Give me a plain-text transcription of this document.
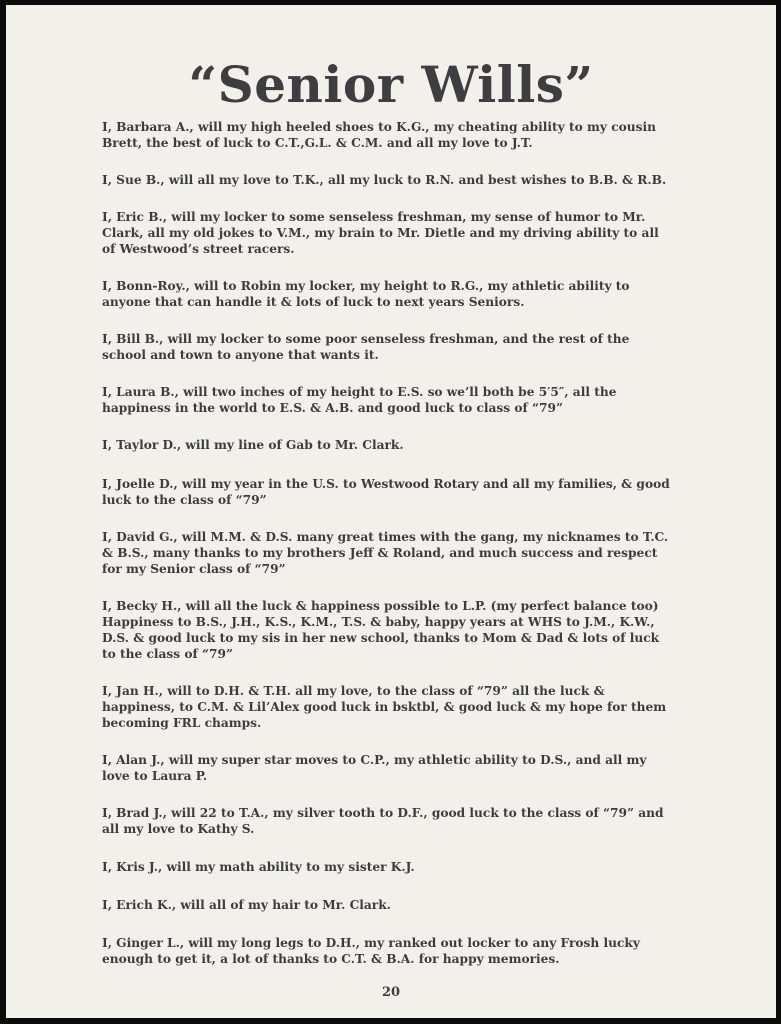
“Senior Wills”
I, Barbara A., will my high heeled shoes to K.G., my cheating ability to my cousin Brett, the best of luck to C.T.,G.L. & C.M. and all my love to J.T.
I, Sue B., will all my love to T.K., all my luck to R.N. and best wishes to B.B. & R.B.
I, Eric B., will my locker to some senseless freshman, my sense of humor to Mr. Clark, all my old jokes to V.M., my brain to Mr. Dietle and my driving ability to all of Westwood’s street racers.
I, Bonn-Roy., will to Robin my locker, my height to R.G., my athletic ability to anyone that can handle it & lots of luck to next years Seniors.
I, Bill B., will my locker to some poor senseless freshman, and the rest of the school and town to anyone that wants it.
I, Laura B., will two inches of my height to E.S. so we’ll both be 5′5″, all the happiness in the world to E.S. & A.B. and good luck to class of “79”
I, Taylor D., will my line of Gab to Mr. Clark.
I, Joelle D., will my year in the U.S. to Westwood Rotary and all my families, & good luck to the class of “79”
I, David G., will M.M. & D.S. many great times with the gang, my nicknames to T.C. & B.S., many thanks to my brothers Jeff & Roland, and much success and respect for my Senior class of “79”
I, Becky H., will all the luck & happiness possible to L.P. (my perfect balance too) Happiness to B.S., J.H., K.S., K.M., T.S. & baby, happy years at WHS to J.M., K.W., D.S. & good luck to my sis in her new school, thanks to Mom & Dad & lots of luck to the class of “79”
I, Jan H., will to D.H. & T.H. all my love, to the class of “79” all the luck & happiness, to C.M. & Lil’Alex good luck in bsktbl, & good luck & my hope for them becoming FRL champs.
I, Alan J., will my super star moves to C.P., my athletic ability to D.S., and all my love to Laura P.
I, Brad J., will 22 to T.A., my silver tooth to D.F., good luck to the class of “79” and all my love to Kathy S.
I, Kris J., will my math ability to my sister K.J.
I, Erich K., will all of my hair to Mr. Clark.
I, Ginger L., will my long legs to D.H., my ranked out locker to any Frosh lucky enough to get it, a lot of thanks to C.T. & B.A. for happy memories.

20
